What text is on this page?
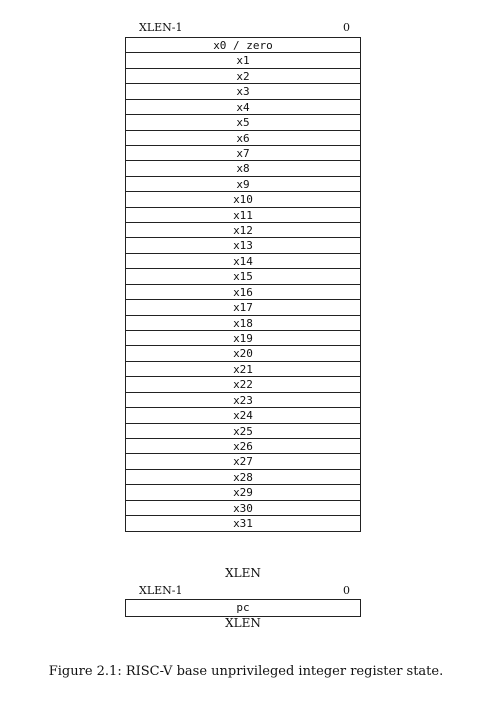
XLEN-1	0
x0 / zero
x1
x2
x3
x4
x5
x6
x7
x8
x9
x10
x11
x12
x13
x14
x15
x16
x17
x18
x19
x20
x21
x22
x23
x24
x25
x26
x27
x28
x29
x30
x31
XLEN
XLEN-1	0
pc
XLEN
Figure 2.1: RISC-V base unprivileged integer register state.
